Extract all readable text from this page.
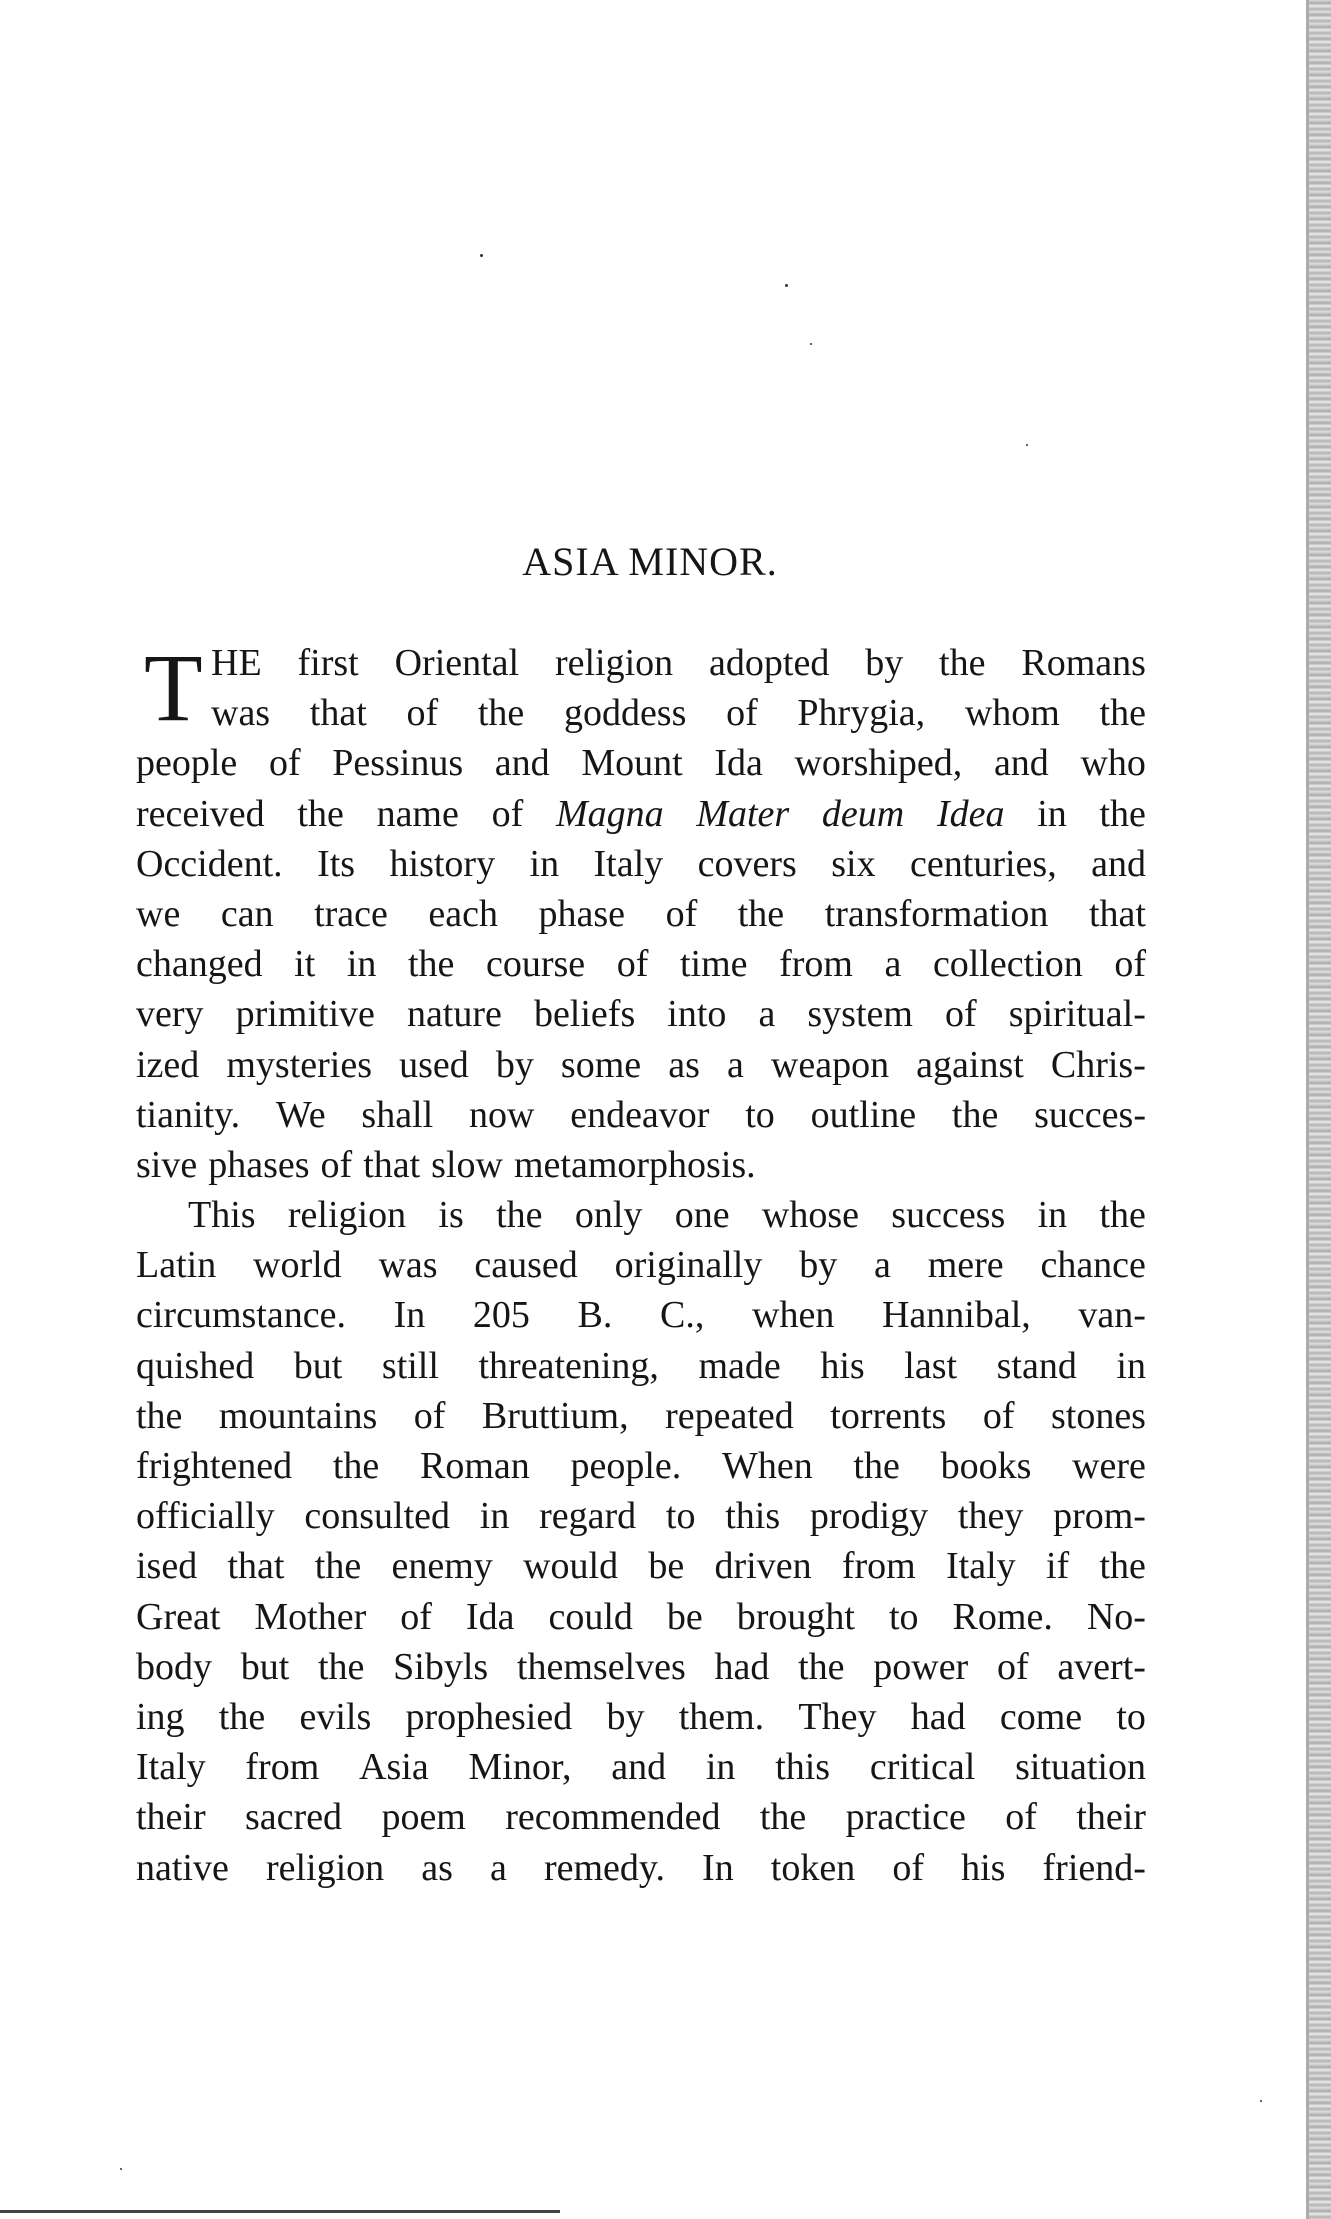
ASIA MINOR.
T HE first Oriental religion adopted by the Romans
was that of the goddess of Phrygia, whom the
people of Pessinus and Mount Ida worshiped, and who
received the name of Magna Mater deum Idea in the
Occident. Its history in Italy covers six centuries, and
we can trace each phase of the transformation that
changed it in the course of time from a collection of
very primitive nature beliefs into a system of spiritual-
ized mysteries used by some as a weapon against Chris-
tianity. We shall now endeavor to outline the succes-
sive phases of that slow metamorphosis.
This religion is the only one whose success in the
Latin world was caused originally by a mere chance
circumstance. In 205 B. C., when Hannibal, van-
quished but still threatening, made his last stand in
the mountains of Bruttium, repeated torrents of stones
frightened the Roman people. When the books were
officially consulted in regard to this prodigy they prom-
ised that the enemy would be driven from Italy if the
Great Mother of Ida could be brought to Rome. No-
body but the Sibyls themselves had the power of avert-
ing the evils prophesied by them. They had come to
Italy from Asia Minor, and in this critical situation
their sacred poem recommended the practice of their
native religion as a remedy. In token of his friend-
